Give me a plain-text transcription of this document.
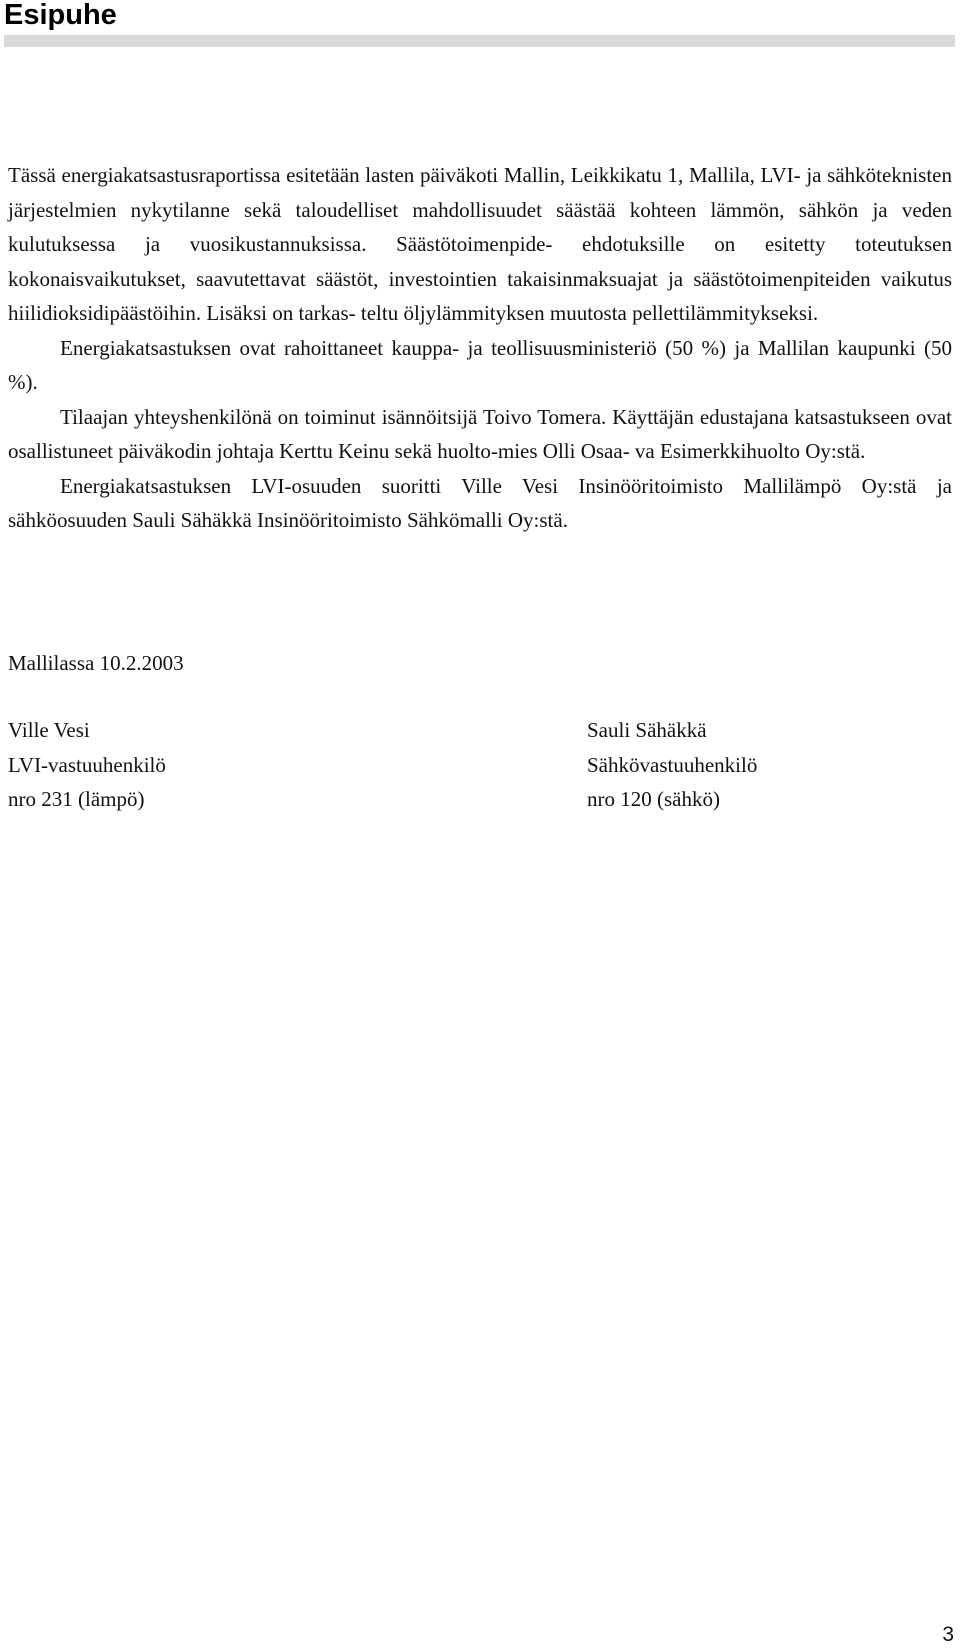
Esipuhe

Tässä energiakatsastusraportissa esitetään lasten päiväkoti Mallin, Leikkikatu 1, Mallila, LVI- ja sähköteknisten järjestelmien nykytilanne sekä taloudelliset mahdollisuudet säästää kohteen lämmön, sähkön ja veden kulutuksessa ja vuosikustannuksissa. Säästötoimenpide- ehdotuksille on esitetty toteutuksen kokonaisvaikutukset, saavutettavat säästöt, investointien takaisinmaksuajat ja säästötoimenpiteiden vaikutus hiilidioksidipäästöihin. Lisäksi on tarkas- teltu öljylämmityksen muutosta pellettilämmitykseksi.

Energiakatsastuksen ovat rahoittaneet kauppa- ja teollisuusministeriö (50 %) ja Mallilan kaupunki (50 %).

Tilaajan yhteyshenkilönä on toiminut isännöitsijä Toivo Tomera. Käyttäjän edustajana katsastukseen ovat osallistuneet päiväkodin johtaja Kerttu Keinu sekä huolto-mies Olli Osaa- va Esimerkkihuolto Oy:stä.

Energiakatsastuksen LVI-osuuden suoritti Ville Vesi Insinööritoimisto Mallilämpö Oy:stä ja sähköosuuden Sauli Sähäkkä Insinööritoimisto Sähkömalli Oy:stä.

Mallilassa 10.2.2003
Ville Vesi
LVI-vastuuhenkilö
nro 231 (lämpö)
Sauli Sähäkkä
Sähkövastuuhenkilö
nro 120 (sähkö)
3
